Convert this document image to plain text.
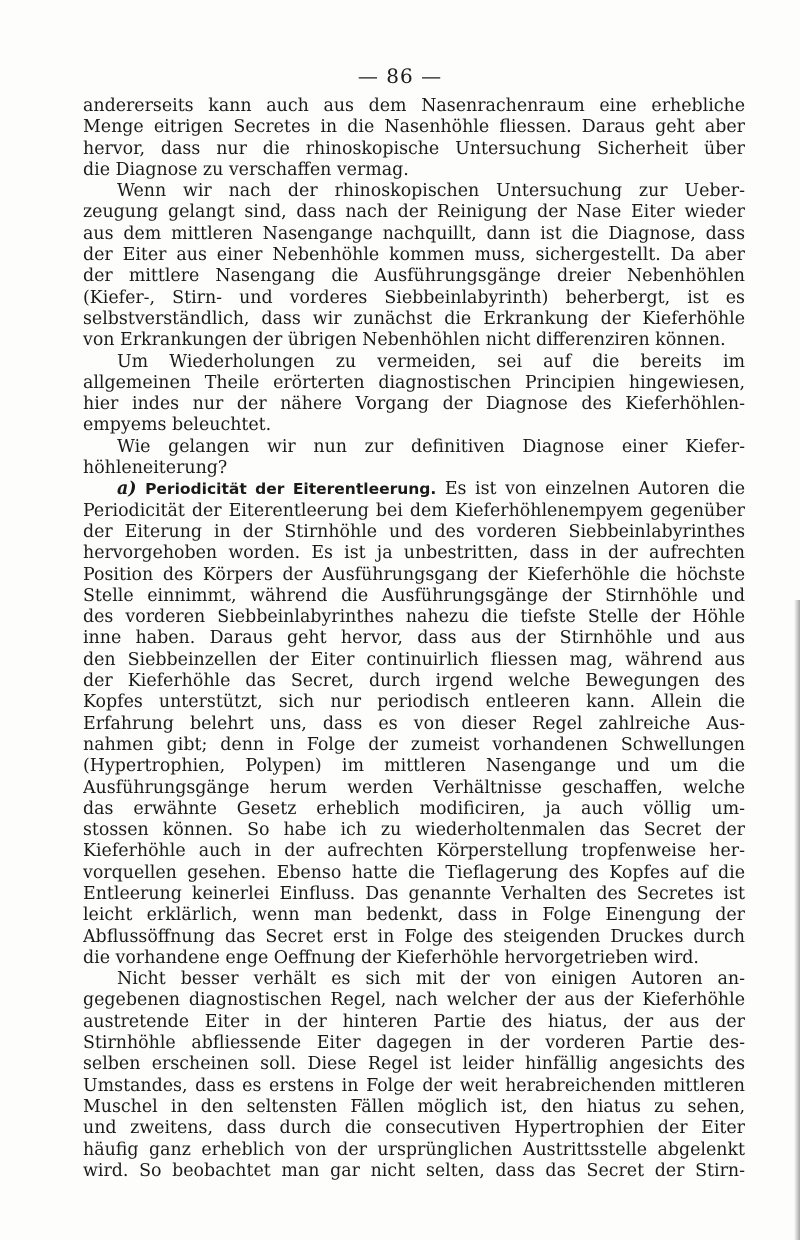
— 86 —
andererseits kann auch aus dem Nasenrachenraum eine erhebliche
Menge eitrigen Secretes in die Nasenhöhle fliessen. Daraus geht aber
hervor, dass nur die rhinoskopische Untersuchung Sicherheit über
die Diagnose zu verschaffen vermag.
Wenn wir nach der rhinoskopischen Untersuchung zur Ueber-
zeugung gelangt sind, dass nach der Reinigung der Nase Eiter wieder
aus dem mittleren Nasengange nachquillt, dann ist die Diagnose, dass
der Eiter aus einer Nebenhöhle kommen muss, sichergestellt. Da aber
der mittlere Nasengang die Ausführungsgänge dreier Nebenhöhlen
(Kiefer-, Stirn- und vorderes Siebbeinlabyrinth) beherbergt, ist es
selbstverständlich, dass wir zunächst die Erkrankung der Kieferhöhle
von Erkrankungen der übrigen Nebenhöhlen nicht differenziren können.
Um Wiederholungen zu vermeiden, sei auf die bereits im
allgemeinen Theile erörterten diagnostischen Principien hingewiesen,
hier indes nur der nähere Vorgang der Diagnose des Kieferhöhlen-
empyems beleuchtet.
Wie gelangen wir nun zur definitiven Diagnose einer Kiefer-
höhleneiterung?
a) Periodicität der Eiterentleerung. Es ist von einzelnen Autoren die
Periodicität der Eiterentleerung bei dem Kieferhöhlenempyem gegenüber
der Eiterung in der Stirnhöhle und des vorderen Siebbeinlabyrinthes
hervorgehoben worden. Es ist ja unbestritten, dass in der aufrechten
Position des Körpers der Ausführungsgang der Kieferhöhle die höchste
Stelle einnimmt, während die Ausführungsgänge der Stirnhöhle und
des vorderen Siebbeinlabyrinthes nahezu die tiefste Stelle der Höhle
inne haben. Daraus geht hervor, dass aus der Stirnhöhle und aus
den Siebbeinzellen der Eiter continuirlich fliessen mag, während aus
der Kieferhöhle das Secret, durch irgend welche Bewegungen des
Kopfes unterstützt, sich nur periodisch entleeren kann. Allein die
Erfahrung belehrt uns, dass es von dieser Regel zahlreiche Aus-
nahmen gibt; denn in Folge der zumeist vorhandenen Schwellungen
(Hypertrophien, Polypen) im mittleren Nasengange und um die
Ausführungsgänge herum werden Verhältnisse geschaffen, welche
das erwähnte Gesetz erheblich modificiren, ja auch völlig um-
stossen können. So habe ich zu wiederholtenmalen das Secret der
Kieferhöhle auch in der aufrechten Körperstellung tropfenweise her-
vorquellen gesehen. Ebenso hatte die Tieflagerung des Kopfes auf die
Entleerung keinerlei Einfluss. Das genannte Verhalten des Secretes ist
leicht erklärlich, wenn man bedenkt, dass in Folge Einengung der
Abflussöffnung das Secret erst in Folge des steigenden Druckes durch
die vorhandene enge Oeffnung der Kieferhöhle hervorgetrieben wird.
Nicht besser verhält es sich mit der von einigen Autoren an-
gegebenen diagnostischen Regel, nach welcher der aus der Kieferhöhle
austretende Eiter in der hinteren Partie des hiatus, der aus der
Stirnhöhle abfliessende Eiter dagegen in der vorderen Partie des-
selben erscheinen soll. Diese Regel ist leider hinfällig angesichts des
Umstandes, dass es erstens in Folge der weit herabreichenden mittleren
Muschel in den seltensten Fällen möglich ist, den hiatus zu sehen,
und zweitens, dass durch die consecutiven Hypertrophien der Eiter
häufig ganz erheblich von der ursprünglichen Austrittsstelle abgelenkt
wird. So beobachtet man gar nicht selten, dass das Secret der Stirn-
